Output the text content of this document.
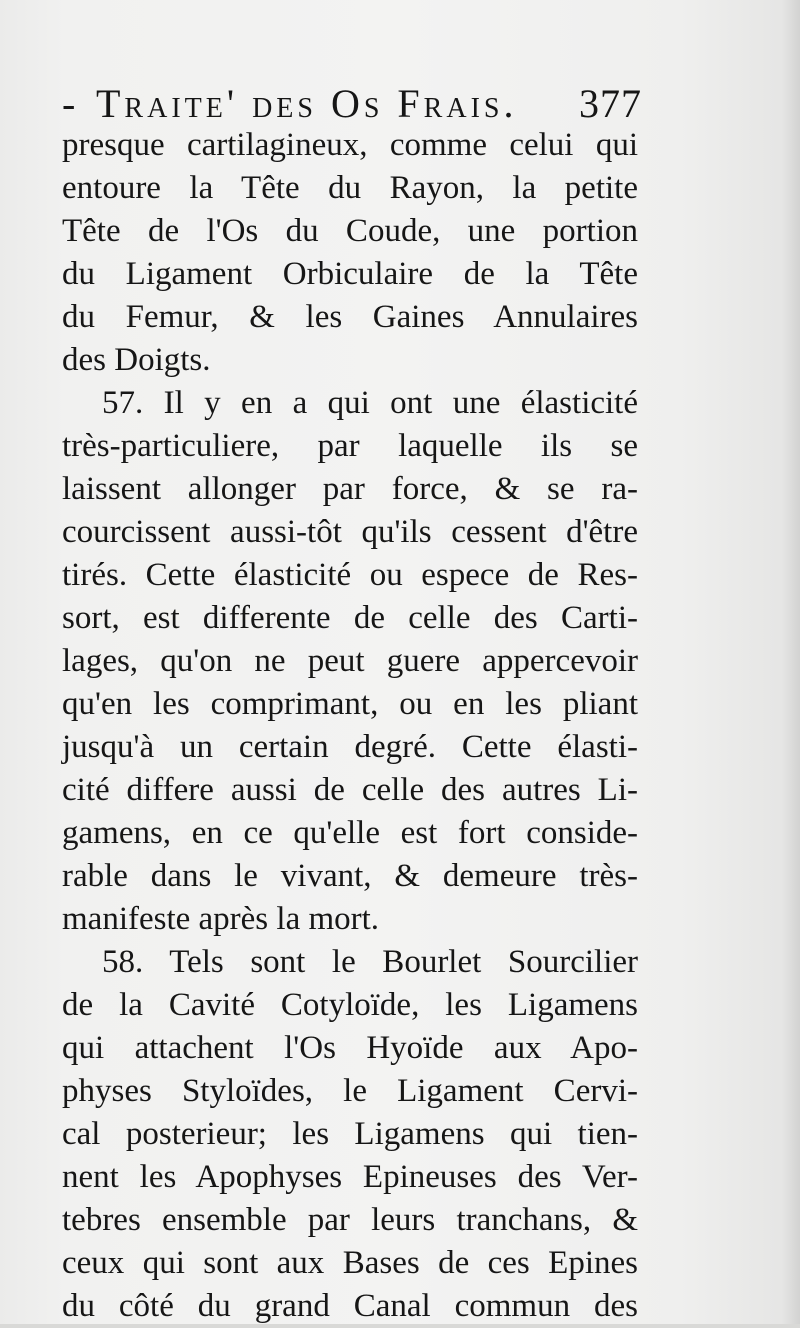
- Traite' des Os Frais. 377
presque cartilagineux, comme celui qui
entoure la Tête du Rayon, la petite
Tête de l'Os du Coude, une portion
du Ligament Orbiculaire de la Tête
du Femur, & les Gaines Annulaires
des Doigts.
57. Il y en a qui ont une élasticité
très-particuliere, par laquelle ils se
laissent allonger par force, & se ra-
courcissent aussi-tôt qu'ils cessent d'être
tirés. Cette élasticité ou espece de Res-
sort, est differente de celle des Carti-
lages, qu'on ne peut guere appercevoir
qu'en les comprimant, ou en les pliant
jusqu'à un certain degré. Cette élasti-
cité differe aussi de celle des autres Li-
gamens, en ce qu'elle est fort conside-
rable dans le vivant, & demeure très-
manifeste après la mort.
58. Tels sont le Bourlet Sourcilier
de la Cavité Cotyloïde, les Ligamens
qui attachent l'Os Hyoïde aux Apo-
physes Styloïdes, le Ligament Cervi-
cal posterieur; les Ligamens qui tien-
nent les Apophyses Epineuses des Ver-
tebres ensemble par leurs tranchans, &
ceux qui sont aux Bases de ces Epines
du côté du grand Canal commun des
